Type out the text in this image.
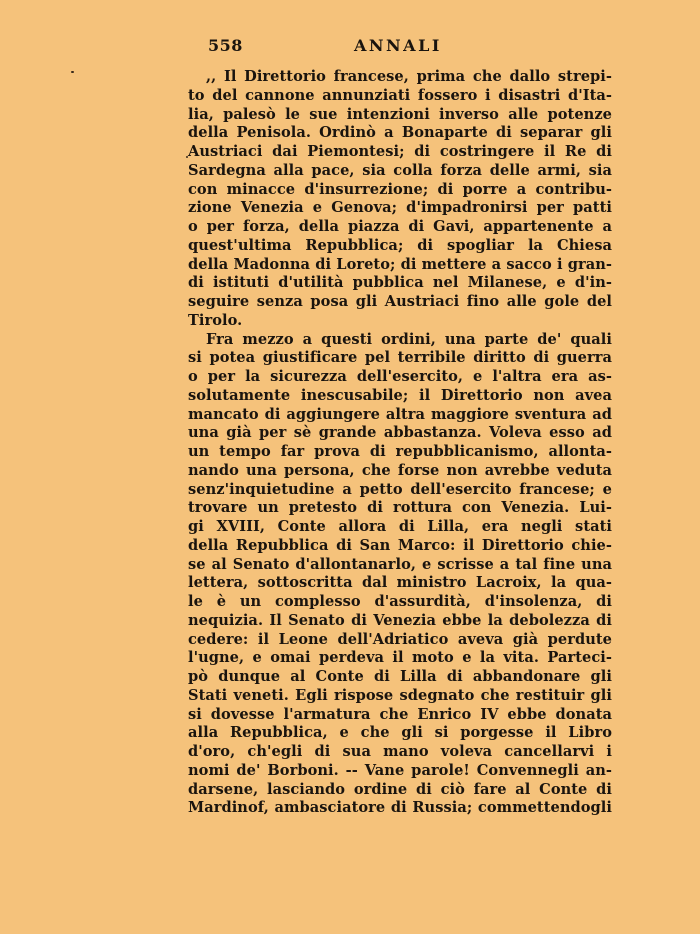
558	ANNALI
,, Il Direttorio francese, prima che dallo strepi-
to del cannone annunziati fossero i disastri d'Ita-
lia, palesò le sue intenzioni inverso alle potenze
della Penisola. Ordinò a Bonaparte di separar gli
Austriaci dai Piemontesi; di costringere il Re di
Sardegna alla pace, sia colla forza delle armi, sia
con minacce d'insurrezione; di porre a contribu-
zione Venezia e Genova; d'impadronirsi per patti
o per forza, della piazza di Gavi, appartenente a
quest'ultima Repubblica; di spogliar la Chiesa
della Madonna di Loreto; di mettere a sacco i gran-
di istituti d'utilità pubblica nel Milanese, e d'in-
seguire senza posa gli Austriaci fino alle gole del
Tirolo.
Fra mezzo a questi ordini, una parte de' quali
si potea giustificare pel terribile diritto di guerra
o per la sicurezza dell'esercito, e l'altra era as-
solutamente inescusabile; il Direttorio non avea
mancato di aggiungere altra maggiore sventura ad
una già per sè grande abbastanza. Voleva esso ad
un tempo far prova di repubblicanismo, allonta-
nando una persona, che forse non avrebbe veduta
senz'inquietudine a petto dell'esercito francese; e
trovare un pretesto di rottura con Venezia. Lui-
gi XVIII, Conte allora di Lilla, era negli stati
della Repubblica di San Marco: il Direttorio chie-
se al Senato d'allontanarlo, e scrisse a tal fine una
lettera, sottoscritta dal ministro Lacroix, la qua-
le è un complesso d'assurdità, d'insolenza, di
nequizia. Il Senato di Venezia ebbe la debolezza di
cedere: il Leone dell'Adriatico aveva già perdute
l'ugne, e omai perdeva il moto e la vita. Parteci-
pò dunque al Conte di Lilla di abbandonare gli
Stati veneti. Egli rispose sdegnato che restituir gli
si dovesse l'armatura che Enrico IV ebbe donata
alla Repubblica, e che gli si porgesse il Libro
d'oro, ch'egli di sua mano voleva cancellarvi i
nomi de' Borboni. -- Vane parole! Convennegli an-
darsene, lasciando ordine di ciò fare al Conte di
Mardinof, ambasciatore di Russia; commettendogli
